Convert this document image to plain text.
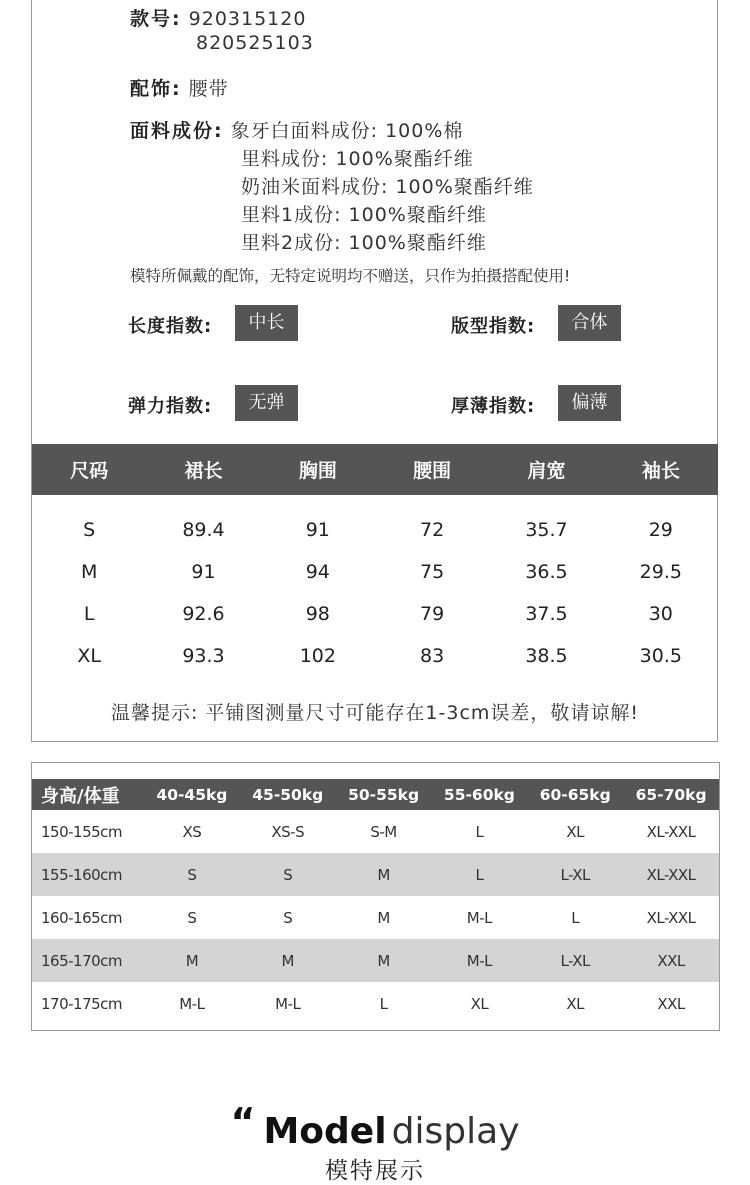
款号: 920315120
820525103
配饰: 腰带
面料成份: 象牙白面料成份: 100%棉
里料成份: 100%聚酯纤维
奶油米面料成份: 100%聚酯纤维
里料1成份: 100%聚酯纤维
里料2成份: 100%聚酯纤维
模特所佩戴的配饰，无特定说明均不赠送，只作为拍摄搭配使用!
长度指数:	中长	版型指数:	合体
弹力指数:	无弹	厚薄指数:	偏薄
尺码	裙长	胸围	腰围	肩宽	袖长
S	89.4	91	72	35.7	29
M	91	94	75	36.5	29.5
L	92.6	98	79	37.5	30
XL	93.3	102	83	38.5	30.5
温馨提示: 平铺图测量尺寸可能存在1-3cm误差，敬请谅解!
身高/体重	40-45kg	45-50kg	50-55kg	55-60kg	60-65kg	65-70kg
150-155cm	XS	XS-S	S-M	L	XL	XL-XXL
155-160cm	S	S	M	L	L-XL	XL-XXL
160-165cm	S	S	M	M-L	L	XL-XXL
165-170cm	M	M	M	M-L	L-XL	XXL
170-175cm	M-L	M-L	L	XL	XL	XXL
“ Model display
模特展示
